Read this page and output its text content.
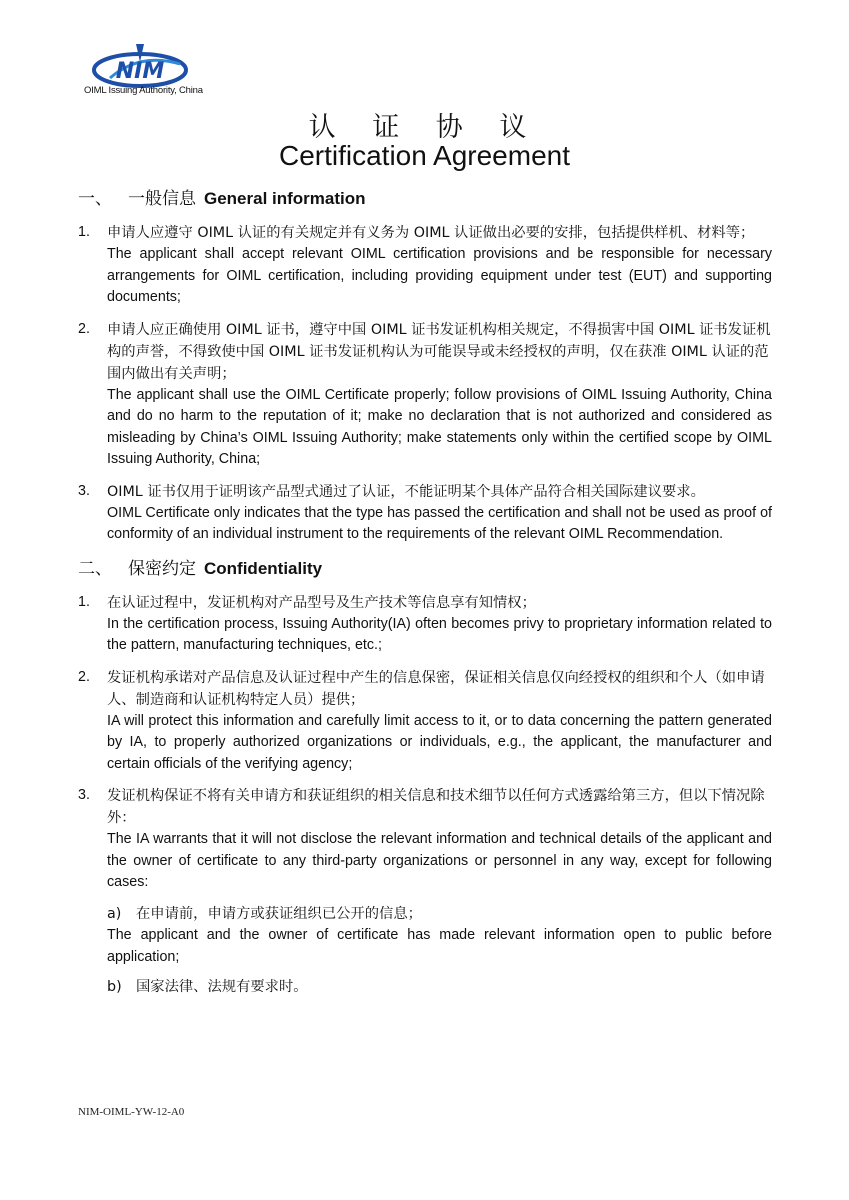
NIM
OIML Issuing Authority, China
认 证 协 议
Certification Agreement
一、 一般信息 General information
1. 申请人应遵守 OIML 认证的有关规定并有义务为 OIML 认证做出必要的安排，包括提供样机、材料等；
The applicant shall accept relevant OIML certification provisions and be responsible for necessary arrangements for OIML certification, including providing equipment under test (EUT) and supporting documents;
2. 申请人应正确使用 OIML 证书，遵守中国 OIML 证书发证机构相关规定，不得损害中国 OIML 证书发证机构的声誉，不得致使中国 OIML 证书发证机构认为可能误导或未经授权的声明，仅在获准 OIML 认证的范围内做出有关声明；
The applicant shall use the OIML Certificate properly; follow provisions of OIML Issuing Authority, China and do no harm to the reputation of it; make no declaration that is not authorized and considered as misleading by China’s OIML Issuing Authority; make statements only within the certified scope by OIML Issuing Authority, China;
3. OIML 证书仅用于证明该产品型式通过了认证，不能证明某个具体产品符合相关国际建议要求。
OIML Certificate only indicates that the type has passed the certification and shall not be used as proof of conformity of an individual instrument to the requirements of the relevant OIML Recommendation.
二、 保密约定 Confidentiality
1. 在认证过程中，发证机构对产品型号及生产技术等信息享有知情权；
In the certification process, Issuing Authority(IA) often becomes privy to proprietary information related to the pattern, manufacturing techniques, etc.;
2. 发证机构承诺对产品信息及认证过程中产生的信息保密，保证相关信息仅向经授权的组织和个人（如申请人、制造商和认证机构特定人员）提供；
IA will protect this information and carefully limit access to it, or to data concerning the pattern generated by IA, to properly authorized organizations or individuals, e.g., the applicant, the manufacturer and certain officials of the verifying agency;
3. 发证机构保证不将有关申请方和获证组织的相关信息和技术细节以任何方式透露给第三方，但以下情况除外：
The IA warrants that it will not disclose the relevant information and technical details of the applicant and the owner of certificate to any third-party organizations or personnel in any way, except for following cases:
a) 在申请前，申请方或获证组织已公开的信息；
The applicant and the owner of certificate has made relevant information open to public before application;
b) 国家法律、法规有要求时。
NIM-OIML-YW-12-A0
